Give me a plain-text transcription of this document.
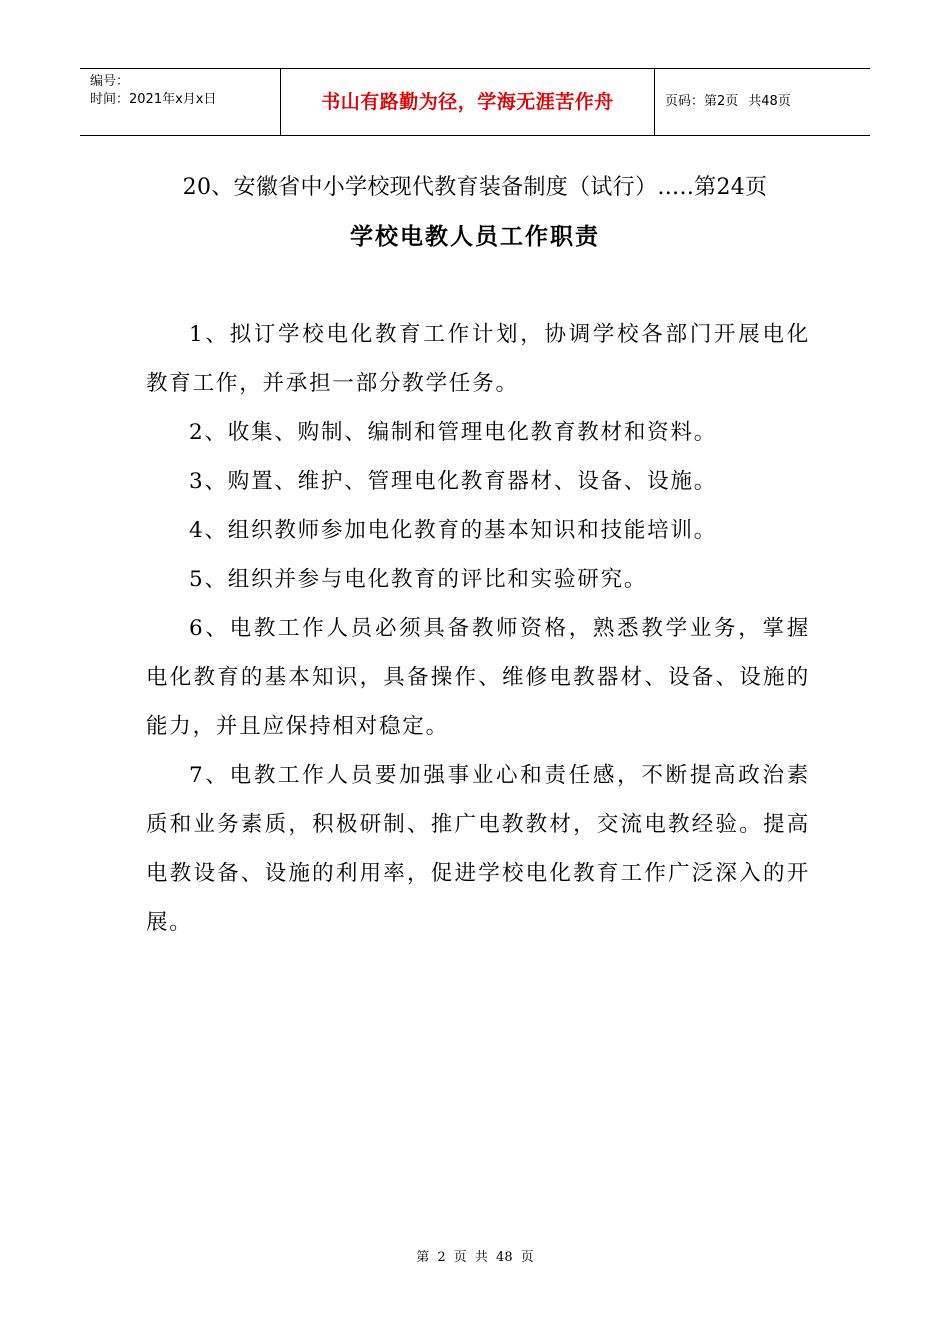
编号：
时间：2021年x月x日	书山有路勤为径，学海无涯苦作舟	页码：第2页 共48页
20、安徽省中小学校现代教育装备制度（试行）…..第24页
学校电教人员工作职责

1、拟订学校电化教育工作计划，协调学校各部门开展电化教育工作，并承担一部分教学任务。

2、收集、购制、编制和管理电化教育教材和资料。

3、购置、维护、管理电化教育器材、设备、设施。

4、组织教师参加电化教育的基本知识和技能培训。

5、组织并参与电化教育的评比和实验研究。

6、电教工作人员必须具备教师资格，熟悉教学业务，掌握电化教育的基本知识，具备操作、维修电教器材、设备、设施的能力，并且应保持相对稳定。

7、电教工作人员要加强事业心和责任感，不断提高政治素质和业务素质，积极研制、推广电教教材，交流电教经验。提高电教设备、设施的利用率，促进学校电化教育工作广泛深入的开展。

第 2 页 共 48 页
